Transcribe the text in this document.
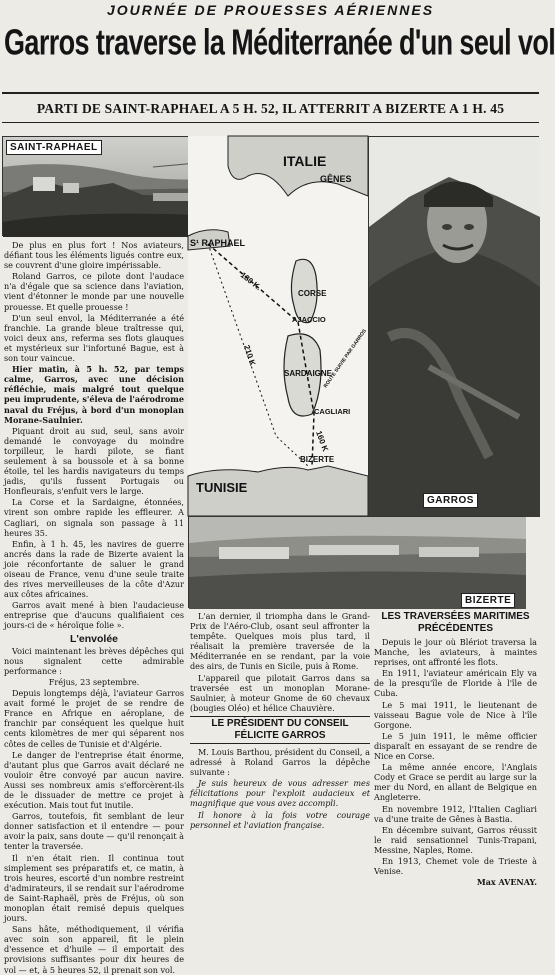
JOURNÉE DE PROUESSES AÉRIENNES
Garros traverse la Méditerranée d'un seul vol
PARTI DE SAINT-RAPHAEL A 5 H. 52, IL ATTERRIT A BIZERTE A 1 H. 45
SAINT-RAPHAEL
ITALIE
GÊNES
S¹ RAPHAEL
CORSE
AJACCIO
SARDAIGNE
CAGLIARI
BIZERTE
TUNISIE
180 K.
210 K
160 K
ROUTE SUIVIE PAR GARROS
GARROS
BIZERTE

De plus en plus fort ! Nos aviateurs, défiant tous les éléments ligués contre eux, se couvrent d'une gloire impérissable.

Roland Garros, ce pilote dont l'audace n'a d'égale que sa science dans l'aviation, vient d'étonner le monde par une nouvelle prouesse. Et quelle prouesse !

D'un seul envol, la Méditerranée a été franchie. La grande bleue traîtresse qui, voici deux ans, referma ses flots glauques et mystérieux sur l'infortuné Bague, est à son tour vaincue.

Hier matin, à 5 h. 52, par temps calme, Garros, avec une décision réfléchie, mais malgré tout quelque peu imprudente, s'éleva de l'aérodrome naval du Fréjus, à bord d'un monoplan Morane-Saulnier.

Piquant droit au sud, seul, sans avoir demandé le convoyage du moindre torpilleur, le hardi pilote, se fiant seulement à sa boussole et à sa bonne étoile, tel les hardis navigateurs du temps jadis, qu'ils fussent Portugais ou Honfleurais, s'enfuit vers le large.

La Corse et la Sardaigne, étonnées, virent son ombre rapide les effleurer. A Cagliari, on signala son passage à 11 heures 35.

Enfin, à 1 h. 45, les navires de guerre ancrés dans la rade de Bizerte avaient la joie réconfortante de saluer le grand oiseau de France, venu d'une seule traite des rives merveilleuses de la côte d'Azur aux côtes africaines.

Garros avait mené à bien l'audacieuse entreprise que d'aucuns qualifiaient ces jours-ci de « héroïque folie ».

L'envolée

Voici maintenant les brèves dépêches qui nous signalent cette admirable performance :

Fréjus, 23 septembre.

Depuis longtemps déjà, l'aviateur Garros avait formé le projet de se rendre de France en Afrique en aéroplane, de franchir par conséquent les quelque huit cents kilomètres de mer qui séparent nos côtes de celles de Tunisie et d'Algérie.

Le danger de l'entreprise était énorme, d'autant plus que Garros avait déclaré ne vouloir être convoyé par aucun navire. Aussi ses nombreux amis s'efforcèrent-ils de le dissuader de mettre ce projet à exécution. Mais tout fut inutile.

Garros, toutefois, fit semblant de leur donner satisfaction et il entendre — pour avoir la paix, sans doute — qu'il renonçait à tenter la traversée.

Il n'en était rien. Il continua tout simplement ses préparatifs et, ce matin, à trois heures, escorté d'un nombre restreint d'admirateurs, il se rendait sur l'aérodrome de Saint-Raphaël, près de Fréjus, où son monoplan était remisé depuis quelques jours.

Sans hâte, méthodiquement, il vérifia avec soin son appareil, fit le plein d'essence et d'huile — il emportait des provisions suffisantes pour dix heures de vol — et, à 5 heures 52, il prenait son vol.

L'an dernier, il triompha dans le Grand-Prix de l'Aéro-Club, osant seul affronter la tempête. Quelques mois plus tard, il réalisait la première traversée de la Méditerranée en se rendant, par la voie des airs, de Tunis en Sicile, puis à Rome.

L'appareil que pilotait Garros dans sa traversée est un monoplan Morane-Saulnier, à moteur Gnome de 60 chevaux (bougies Oléo) et hélice Chauvière.

LE PRÉSIDENT DU CONSEIL FÉLICITE GARROS

M. Louis Barthou, président du Conseil, a adressé à Roland Garros la dépêche suivante :

Je suis heureux de vous adresser mes félicitations pour l'exploit audacieux et magnifique que vous avez accompli.

Il honore à la fois votre courage personnel et l'aviation française.

LES TRAVERSÉES MARITIMES PRÉCÉDENTES

Depuis le jour où Blériot traversa la Manche, les aviateurs, à maintes reprises, ont affronté les flots.

En 1911, l'aviateur américain Ely va de la presqu'île de Floride à l'île de Cuba.

Le 5 mai 1911, le lieutenant de vaisseau Bague vole de Nice à l'île Gorgone.

Le 5 juin 1911, le même officier disparaît en essayant de se rendre de Nice en Corse.

La même année encore, l'Anglais Cody et Grace se perdit au large sur la mer du Nord, en allant de Belgique en Angleterre.

En novembre 1912, l'Italien Cagliari va d'une traite de Gênes à Bastia.

En décembre suivant, Garros réussit le raid sensationnel Tunis-Trapani, Messine, Naples, Rome.

En 1913, Chemet vole de Trieste à Venise.

Max AVENAY.
